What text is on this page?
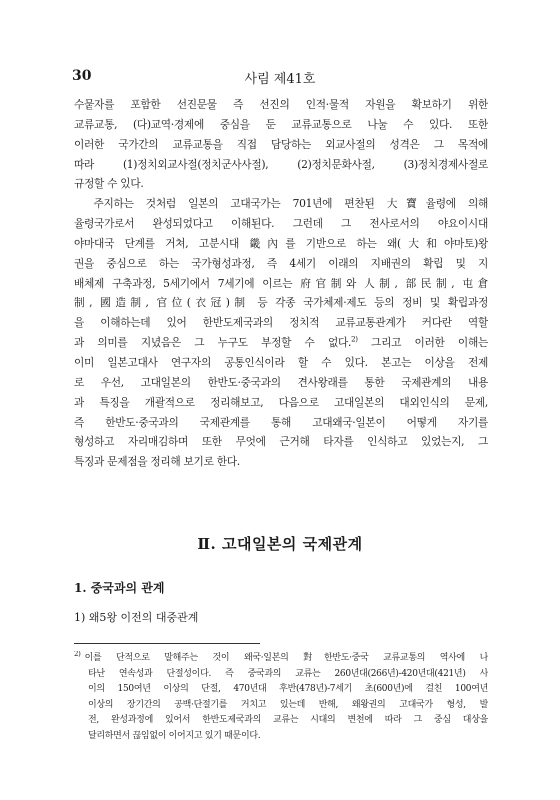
30	사림 제41호
수뭍자를 포함한 선진문물 즉 선진의 인적·물적 자원을 확보하기 위한
교류교통, (다)교역·경제에 중심을 둔 교류교통으로 나눌 수 있다. 또한
이러한 국가간의 교류교통을 직접 담당하는 외교사절의 성격은 그 목적에
따라 (1)정치외교사절(정치군사사절), (2)정치문화사절, (3)정치경제사절로
규정할 수 있다.
　주지하는 것처럼 일본의 고대국가는 701년에 편찬된 大寶율령에 의해
율령국가로서 완성되었다고 이해된다. 그런데 그 전사로서의 야요이시대
야마대국 단계를 거쳐, 고분시대 畿內를 기반으로 하는 왜(大和야마토)왕
권을 중심으로 하는 국가형성과정, 즉 4세기 이래의 지배권의 확립 및 지
배체제 구축과정, 5세기에서 7세기에 이르는 府官制와 人制, 部民制, 屯倉
制, 國造制, 官位(衣冠)制 등 각종 국가체제·제도 등의 정비 및 확립과정
을 이해하는데 있어 한반도제국과의 정치적 교류교통관계가 커다란 역할
과 의미를 지녔음은 그 누구도 부정할 수 없다.$^{2)}$ 그리고 이러한 이해는
이미 일본고대사 연구자의 공통인식이라 할 수 있다. 본고는 이상을 전제
로 우선, 고대일본의 한반도·중국과의 견사왕래를 통한 국제관계의 내용
과 특징을 개괄적으로 정리해보고, 다음으로 고대일본의 대외인식의 문제,
즉 한반도·중국과의 국제관계를 통해 고대왜국·일본이 어떻게 자기를
형성하고 자리매김하며 또한 무엇에 근거해 타자를 인식하고 있었는지, 그
특징과 문제점을 정리해 보기로 한다.
Ⅱ. 고대일본의 국제관계
1. 중국과의 관계
1) 왜5왕 이전의 대중관계
$^{2)}$ 이를 단적으로 말해주는 것이 왜국·일본의 對한반도·중국 교류교통의 역사에 나
타난 연속성과 단절성이다. 즉 중국과의 교류는 260년대(266년)-420년대(421년) 사
이의 150여년 이상의 단절, 470년대 후반(478년)-7세기 초(600년)에 걸친 100여년
이상의 장기간의 공백·단절기를 거치고 있는데 반해, 왜왕권의 고대국가 형성, 발
전, 완성과정에 있어서 한반도제국과의 교류는 시대의 변천에 따라 그 중심 대상을
달리하면서 끊임없이 이어지고 있기 때문이다.
